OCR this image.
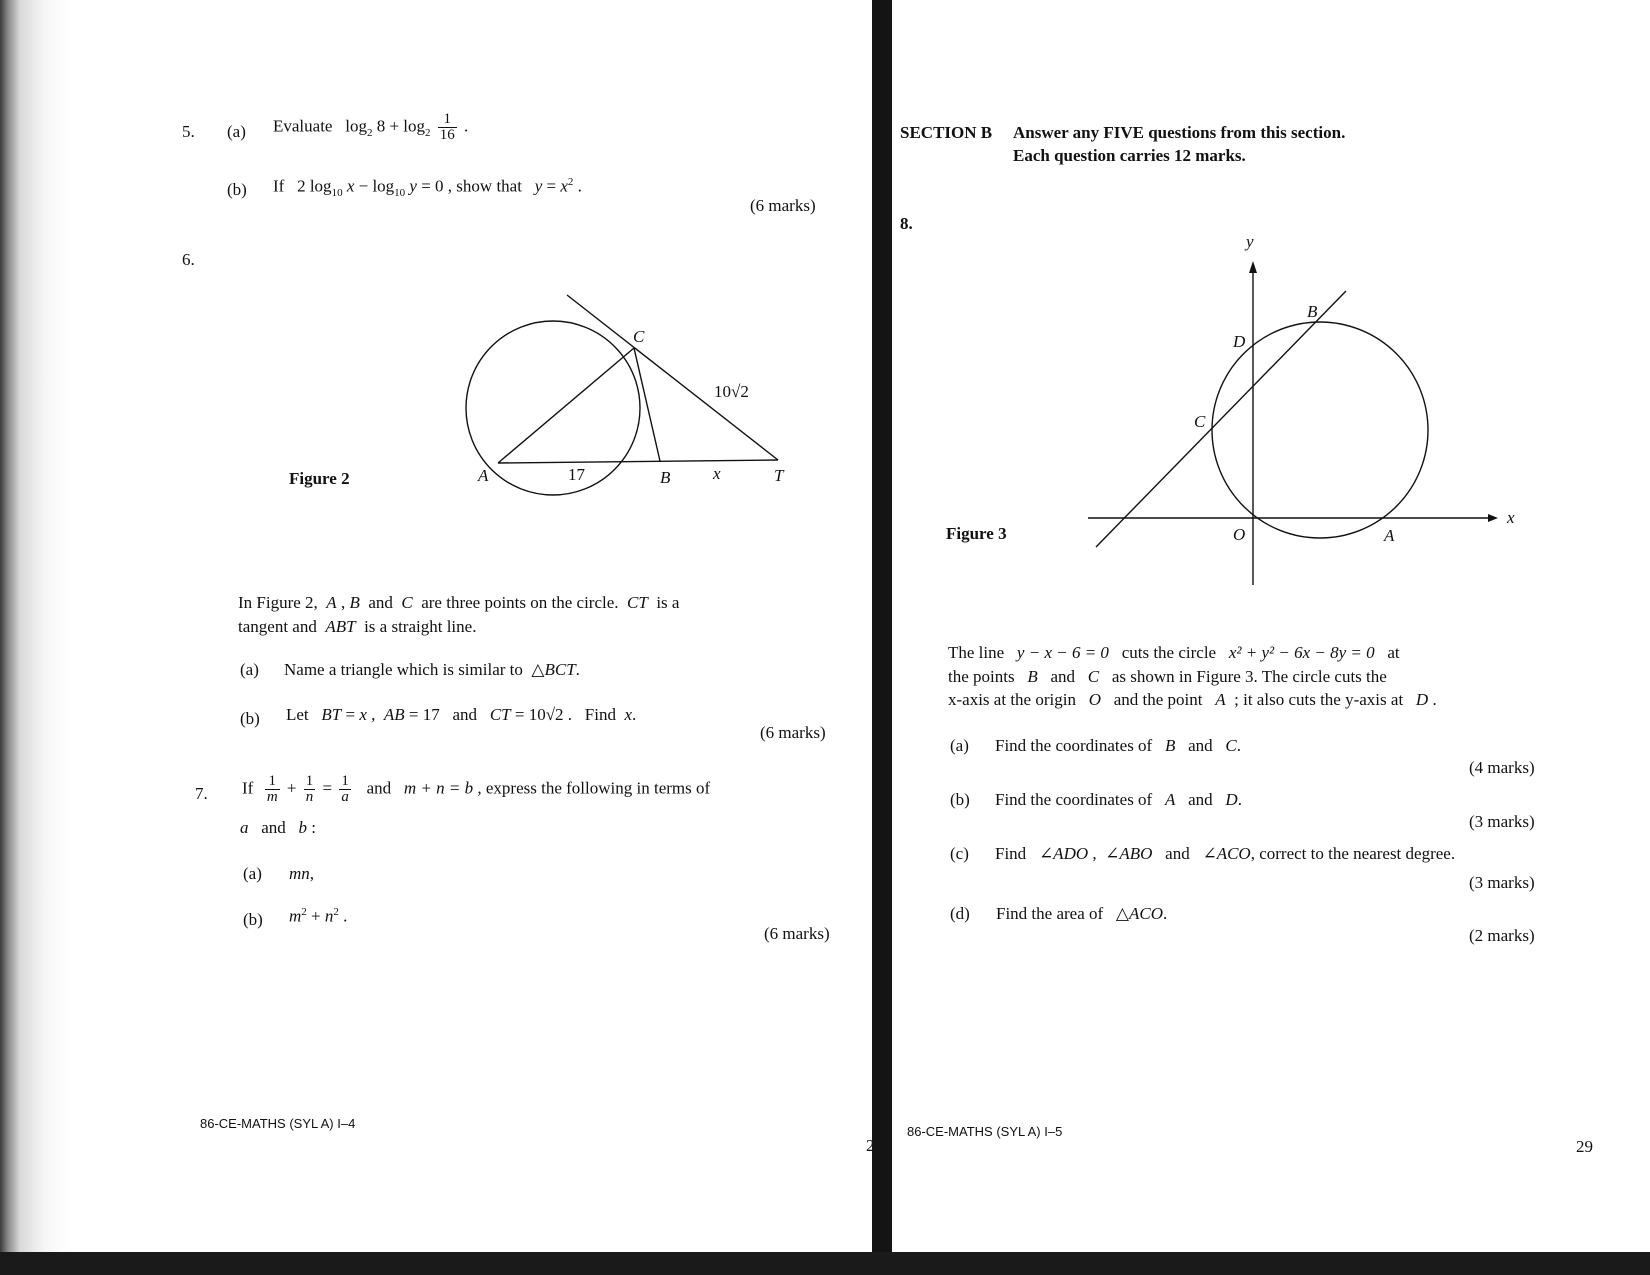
5. (a) Evaluate $\log_2 8 + \log_2 \frac{1}{16}$ .
(b) If 2 $\log_{10} x - \log_{10} y = 0$ , show that $y = x^2$ .
(6 marks)
6.
C
10√2
A	17	B	x	T
Figure 2
In Figure 2, A , B and C are three points on the circle. CT is a
tangent and ABT is a straight line.
(a) Name a triangle which is similar to △BCT.
(b) Let BT = x , AB = 17 and CT = 10√2 . Find x.
(6 marks)
7. If $\frac{1}{m} + \frac{1}{n} = \frac{1}{a}$ and m + n = b , express the following in terms of
a and b :
(a) mn,
(b) $m^2 + n^2$ .
(6 marks)
86-CE-MATHS (SYL A) I–4
2
SECTION B Answer any FIVE questions from this section.
Each question carries 12 marks.
8.
y
x
B
D
C
O	A
Figure 3
The line y − x − 6 = 0 cuts the circle x² + y² − 6x − 8y = 0 at
the points B and C as shown in Figure 3. The circle cuts the
x-axis at the origin O and the point A ; it also cuts the y-axis at D .
(a) Find the coordinates of B and C.
(4 marks)
(b) Find the coordinates of A and D.
(3 marks)
(c) Find ∠ADO , ∠ABO and ∠ACO, correct to the nearest degree.
(3 marks)
(d) Find the area of △ACO.
(2 marks)
86-CE-MATHS (SYL A) I–5
29
